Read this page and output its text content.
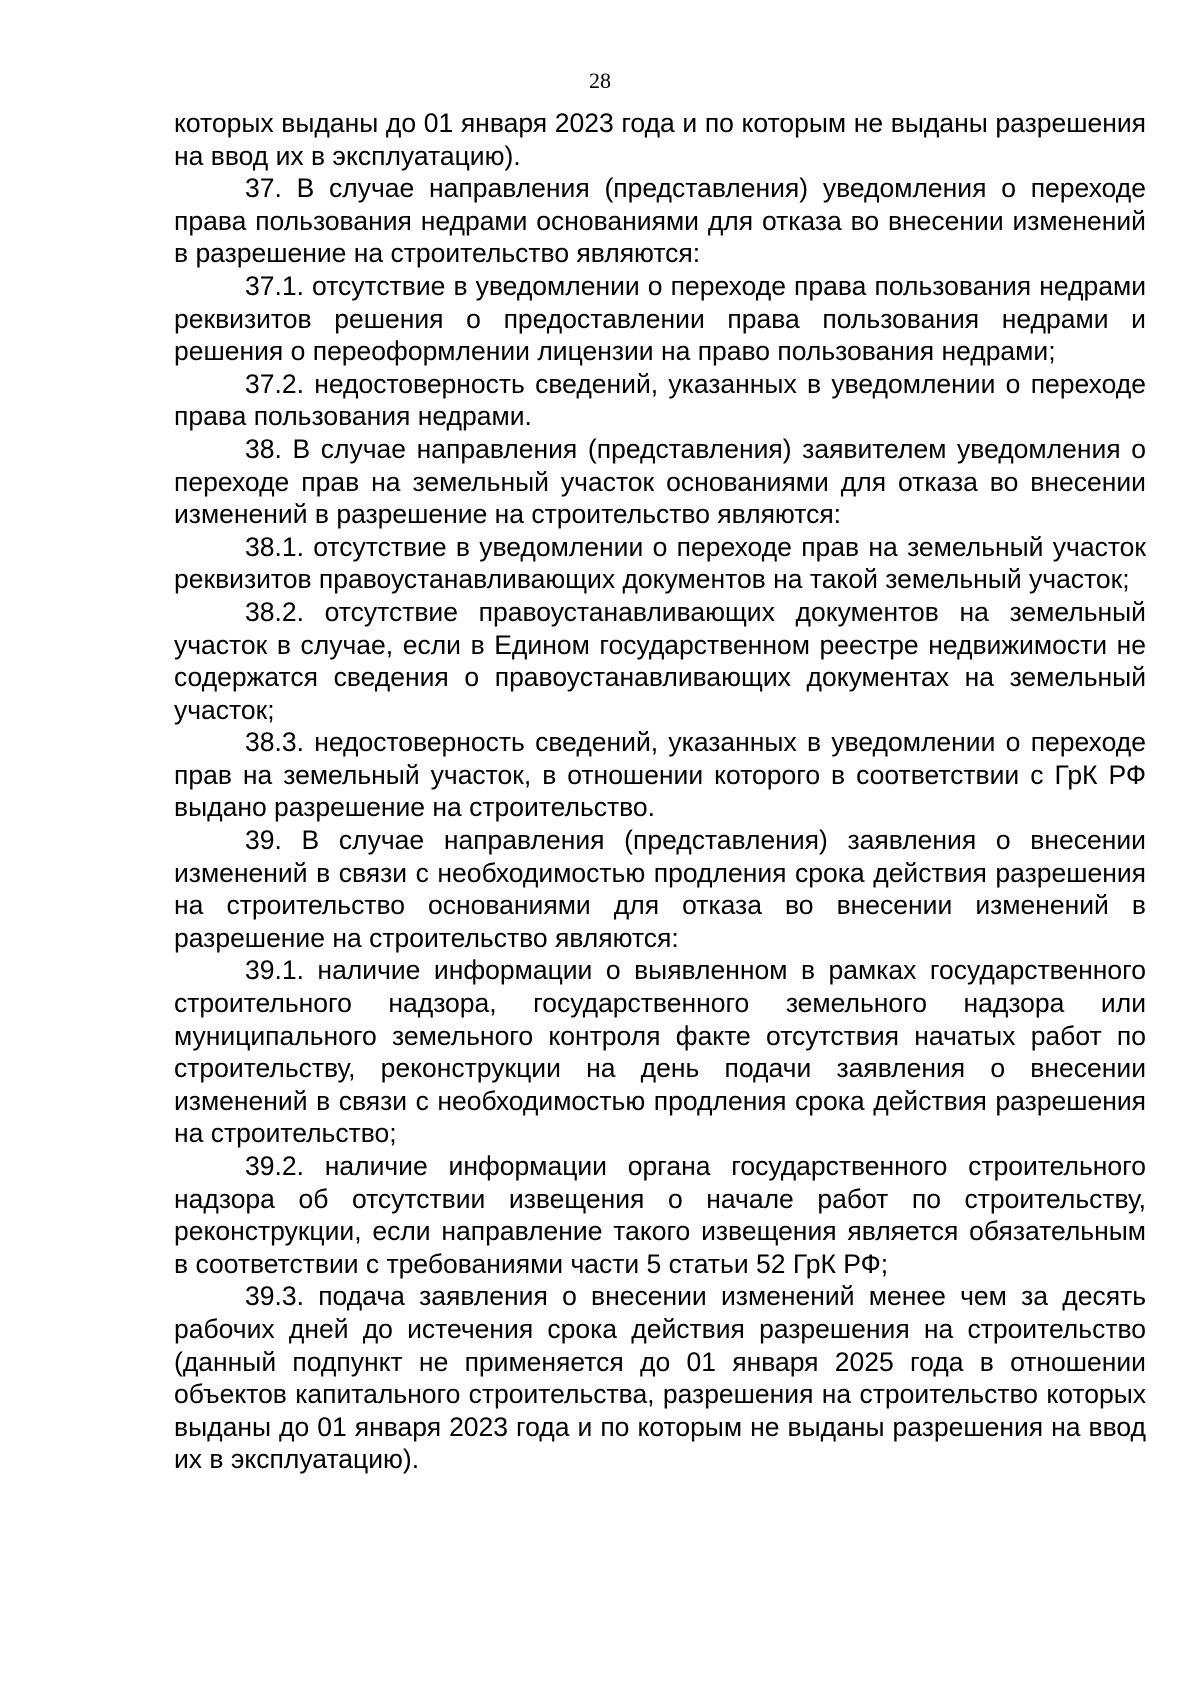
28

которых выданы до 01 января 2023 года и по которым не выданы разрешения на ввод их в эксплуатацию).

37. В случае направления (представления) уведомления о переходе права пользования недрами основаниями для отказа во внесении изменений в разрешение на строительство являются:

37.1. отсутствие в уведомлении о переходе права пользования недрами реквизитов решения о предоставлении права пользования недрами и решения о переоформлении лицензии на право пользования недрами;

37.2. недостоверность сведений, указанных в уведомлении о переходе права пользования недрами.

38. В случае направления (представления) заявителем уведомления о переходе прав на земельный участок основаниями для отказа во внесении изменений в разрешение на строительство являются:

38.1. отсутствие в уведомлении о переходе прав на земельный участок реквизитов правоустанавливающих документов на такой земельный участок;

38.2. отсутствие правоустанавливающих документов на земельный участок в случае, если в Едином государственном реестре недвижимости не содержатся сведения о правоустанавливающих документах на земельный участок;

38.3. недостоверность сведений, указанных в уведомлении о переходе прав на земельный участок, в отношении которого в соответствии с ГрК РФ выдано разрешение на строительство.

39. В случае направления (представления) заявления о внесении изменений в связи с необходимостью продления срока действия разрешения на строительство основаниями для отказа во внесении изменений в разрешение на строительство являются:

39.1. наличие информации о выявленном в рамках государственного строительного надзора, государственного земельного надзора или муниципального земельного контроля факте отсутствия начатых работ по строительству, реконструкции на день подачи заявления о внесении изменений в связи с необходимостью продления срока действия разрешения на строительство;

39.2. наличие информации органа государственного строительного надзора об отсутствии извещения о начале работ по строительству, реконструкции, если направление такого извещения является обязательным в соответствии с требованиями части 5 статьи 52 ГрК РФ;

39.3. подача заявления о внесении изменений менее чем за десять рабочих дней до истечения срока действия разрешения на строительство (данный подпункт не применяется до 01 января 2025 года в отношении объектов капитального строительства, разрешения на строительство которых выданы до 01 января 2023 года и по которым не выданы разрешения на ввод их в эксплуатацию).
